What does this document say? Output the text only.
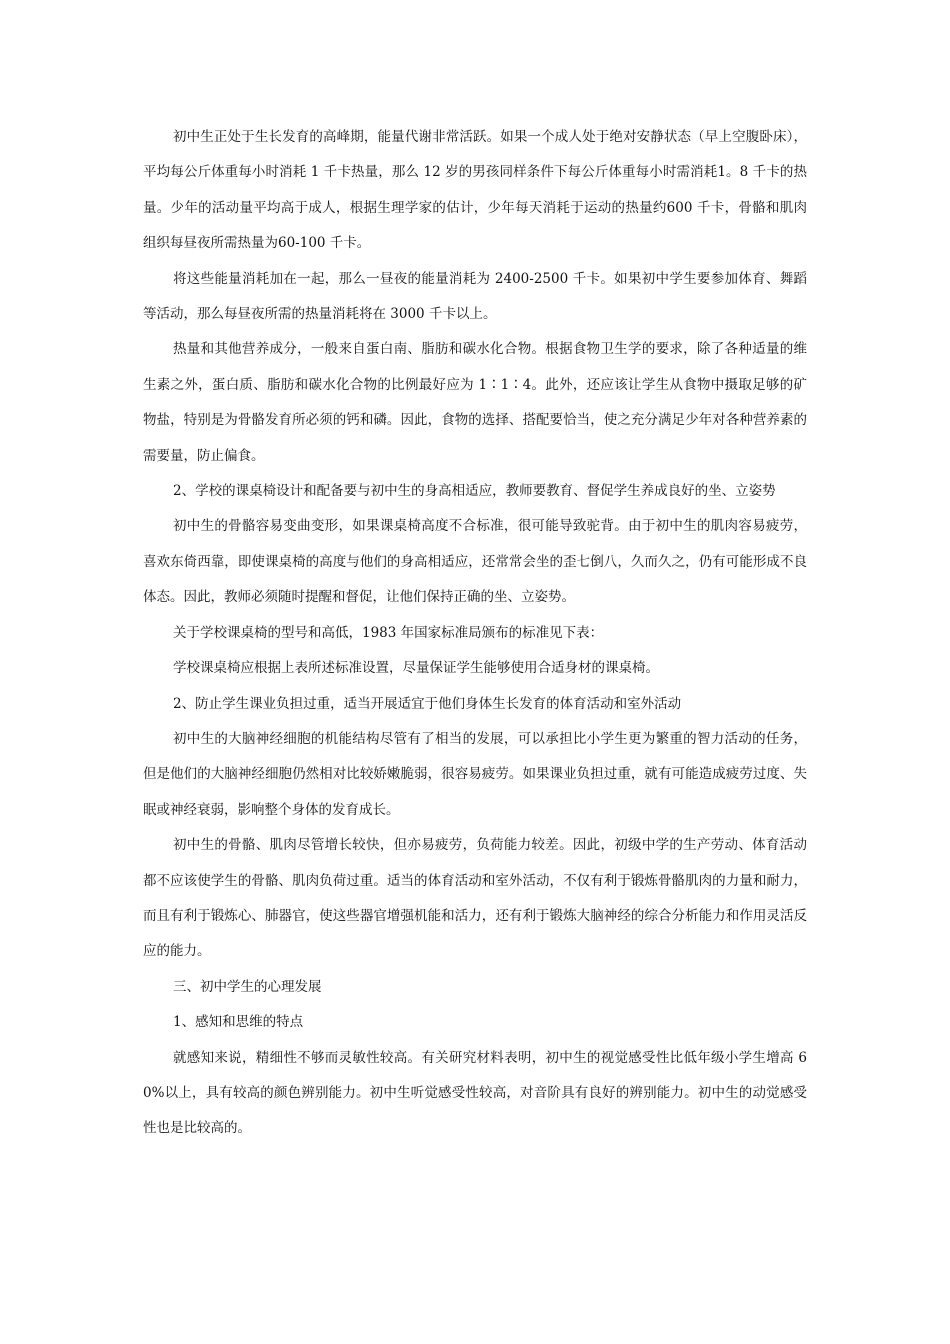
初中生正处于生长发育的高峰期，能量代谢非常活跃。如果一个成人处于绝对安静状态（早上空腹卧床），平均每公斤体重每小时消耗 1 千卡热量，那么 12 岁的男孩同样条件下每公斤体重每小时需消耗1。8 千卡的热量。少年的活动量平均高于成人，根据生理学家的估计，少年每天消耗于运动的热量约600 千卡，骨骼和肌肉组织每昼夜所需热量为60-100 千卡。

将这些能量消耗加在一起，那么一昼夜的能量消耗为 2400-2500 千卡。如果初中学生要参加体育、舞蹈等活动，那么每昼夜所需的热量消耗将在 3000 千卡以上。

热量和其他营养成分，一般来自蛋白南、脂肪和碳水化合物。根据食物卫生学的要求，除了各种适量的维生素之外，蛋白质、脂肪和碳水化合物的比例最好应为 1∶1∶4。此外，还应该让学生从食物中摄取足够的矿物盐，特别是为骨骼发育所必须的钙和磷。因此，食物的选择、搭配要恰当，使之充分满足少年对各种营养素的需要量，防止偏食。

2、学校的课桌椅设计和配备要与初中生的身高相适应，教师要教育、督促学生养成良好的坐、立姿势

初中生的骨骼容易变曲变形，如果课桌椅高度不合标准，很可能导致驼背。由于初中生的肌肉容易疲劳，喜欢东倚西靠，即使课桌椅的高度与他们的身高相适应，还常常会坐的歪七倒八，久而久之，仍有可能形成不良体态。因此，教师必须随时提醒和督促，让他们保持正确的坐、立姿势。

关于学校课桌椅的型号和高低，1983 年国家标准局颁布的标准见下表：

学校课桌椅应根据上表所述标准设置，尽量保证学生能够使用合适身材的课桌椅。

2、防止学生课业负担过重，适当开展适宜于他们身体生长发育的体育活动和室外活动

初中生的大脑神经细胞的机能结构尽管有了相当的发展，可以承担比小学生更为繁重的智力活动的任务，但是他们的大脑神经细胞仍然相对比较娇嫩脆弱，很容易疲劳。如果课业负担过重，就有可能造成疲劳过度、失眠或神经衰弱，影响整个身体的发育成长。

初中生的骨骼、肌肉尽管增长较快，但亦易疲劳，负荷能力较差。因此，初级中学的生产劳动、体育活动都不应该使学生的骨骼、肌肉负荷过重。适当的体育活动和室外活动，不仅有利于锻炼骨骼肌肉的力量和耐力，而且有利于锻炼心、肺器官，使这些器官增强机能和活力，还有利于锻炼大脑神经的综合分析能力和作用灵活反应的能力。

三、初中学生的心理发展

1、感知和思维的特点

就感知来说，精细性不够而灵敏性较高。有关研究材料表明，初中生的视觉感受性比低年级小学生增高 60%以上，具有较高的颜色辨别能力。初中生听觉感受性较高，对音阶具有良好的辨别能力。初中生的动觉感受性也是比较高的。
